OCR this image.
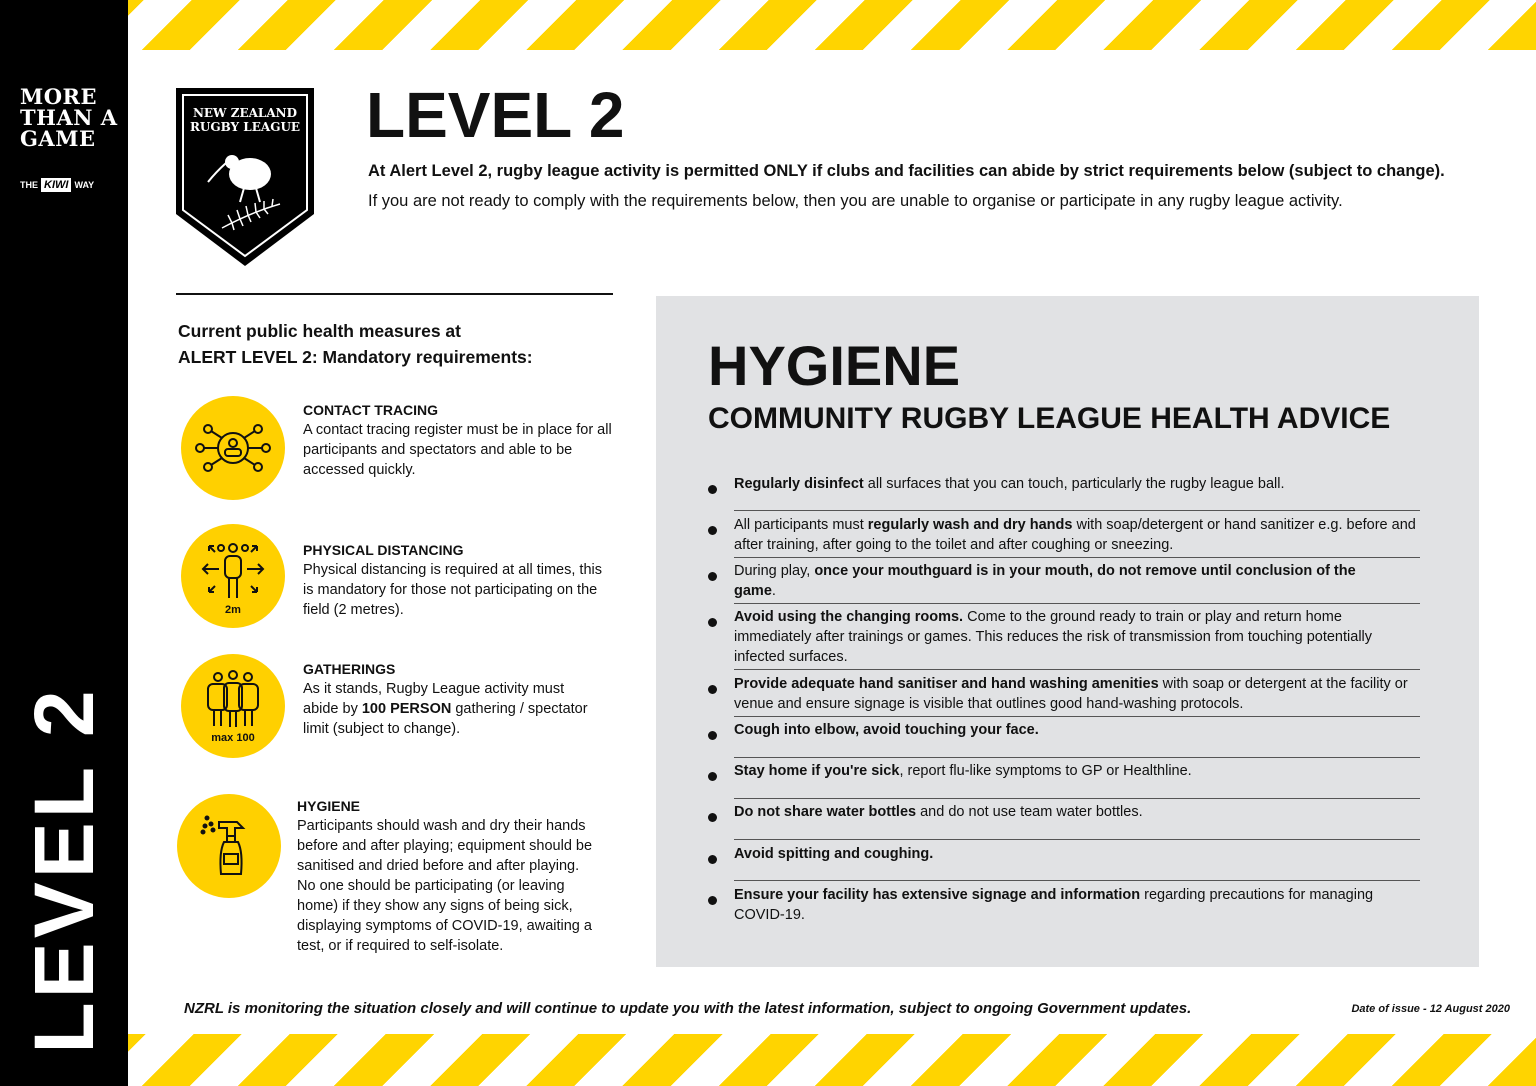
MORE
THAN A
GAME
THE KIWI WAY
LEVEL 2
NEW ZEALAND
RUGBY LEAGUE LEVEL 2
At Alert Level 2, rugby league activity is permitted ONLY if clubs and facilities can abide by strict requirements below (subject to change).
If you are not ready to comply with the requirements below, then you are unable to organise or participate in any rugby league activity.
Current public health measures at
ALERT LEVEL 2: Mandatory requirements:
CONTACT TRACING
A contact tracing register must be in place for all participants and spectators and able to be accessed quickly.
2m
PHYSICAL DISTANCING
Physical distancing is required at all times, this is mandatory for those not participating on the field (2 metres).
max 100
GATHERINGS
As it stands, Rugby League activity must abide by 100 PERSON gathering / spectator limit (subject to change).
HYGIENE
Participants should wash and dry their hands before and after playing; equipment should be sanitised and dried before and after playing. No one should be participating (or leaving home) if they show any signs of being sick, displaying symptoms of COVID-19, awaiting a test, or if required to self-isolate.
HYGIENE
COMMUNITY RUGBY LEAGUE HEALTH ADVICE
Regularly disinfect all surfaces that you can touch, particularly the rugby league ball.
All participants must regularly wash and dry hands with soap/detergent or hand sanitizer e.g. before and after training, after going to the toilet and after coughing or sneezing.
During play, once your mouthguard is in your mouth, do not remove until conclusion of the game.
Avoid using the changing rooms. Come to the ground ready to train or play and return home immediately after trainings or games. This reduces the risk of transmission from touching potentially infected surfaces.
Provide adequate hand sanitiser and hand washing amenities with soap or detergent at the facility or venue and ensure signage is visible that outlines good hand-washing protocols.
Cough into elbow, avoid touching your face.
Stay home if you're sick, report flu-like symptoms to GP or Healthline.
Do not share water bottles and do not use team water bottles.
Avoid spitting and coughing.
Ensure your facility has extensive signage and information regarding precautions for managing COVID-19.
NZRL is monitoring the situation closely and will continue to update you with the latest information, subject to ongoing Government updates.	Date of issue - 12 August 2020
